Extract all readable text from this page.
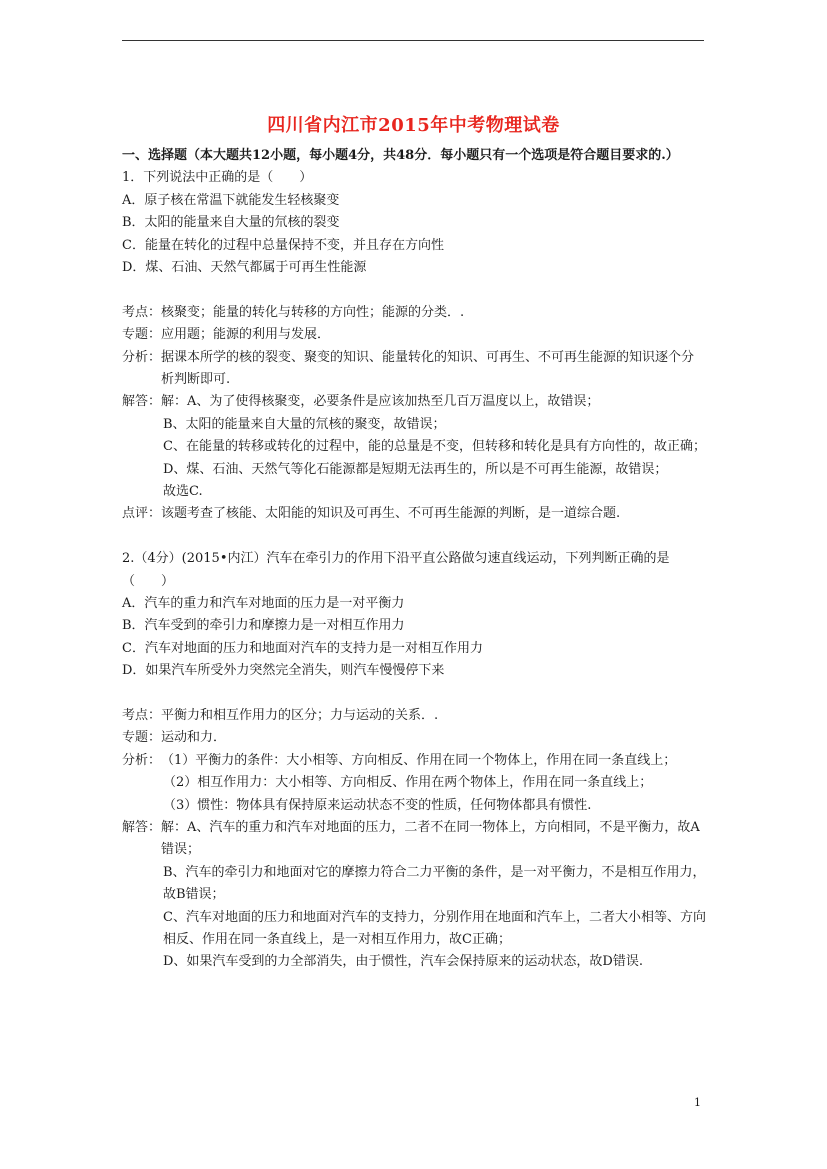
四川省内江市2015年中考物理试卷
一、选择题（本大题共12小题，每小题4分，共48分．每小题只有一个选项是符合题目要求的.）
1．下列说法中正确的是（　　）
A．原子核在常温下就能发生轻核聚变
B．太阳的能量来自大量的氘核的裂变
C．能量在转化的过程中总量保持不变，并且存在方向性
D．煤、石油、天然气都属于可再生性能源
考点： 核聚变；能量的转化与转移的方向性；能源的分类．.
专题： 应用题；能源的利用与发展．
分析： 据课本所学的核的裂变、聚变的知识、能量转化的知识、可再生、不可再生能源的知识逐个分析判断即可.
解答： 解：A、为了使得核聚变，必要条件是应该加热至几百万温度以上，故错误；
B、太阳的能量来自大量的氘核的聚变，故错误；
C、在能量的转移或转化的过程中，能的总量是不变，但转移和转化是具有方向性的，故正确；
D、煤、石油、天然气等化石能源都是短期无法再生的，所以是不可再生能源，故错误；
故选C.
点评： 该题考查了核能、太阳能的知识及可再生、不可再生能源的判断，是一道综合题.
2.（4分）(2015•内江）汽车在牵引力的作用下沿平直公路做匀速直线运动，下列判断正确的是（　　）
A．汽车的重力和汽车对地面的压力是一对平衡力
B．汽车受到的牵引力和摩擦力是一对相互作用力
C．汽车对地面的压力和地面对汽车的支持力是一对相互作用力
D．如果汽车所受外力突然完全消失，则汽车慢慢停下来
考点： 平衡力和相互作用力的区分；力与运动的关系．.
专题： 运动和力．
分析： （1）平衡力的条件：大小相等、方向相反、作用在同一个物体上，作用在同一条直线上；
（2）相互作用力：大小相等、方向相反、作用在两个物体上，作用在同一条直线上；
（3）惯性：物体具有保持原来运动状态不变的性质，任何物体都具有惯性.
解答： 解：A、汽车的重力和汽车对地面的压力，二者不在同一物体上，方向相同，不是平衡力，故A错误；
B、汽车的牵引力和地面对它的摩擦力符合二力平衡的条件，是一对平衡力，不是相互作用力，故B错误；
C、汽车对地面的压力和地面对汽车的支持力，分别作用在地面和汽车上，二者大小相等、方向相反、作用在同一条直线上，是一对相互作用力，故C正确；
D、如果汽车受到的力全部消失，由于惯性，汽车会保持原来的运动状态，故D错误.
1
